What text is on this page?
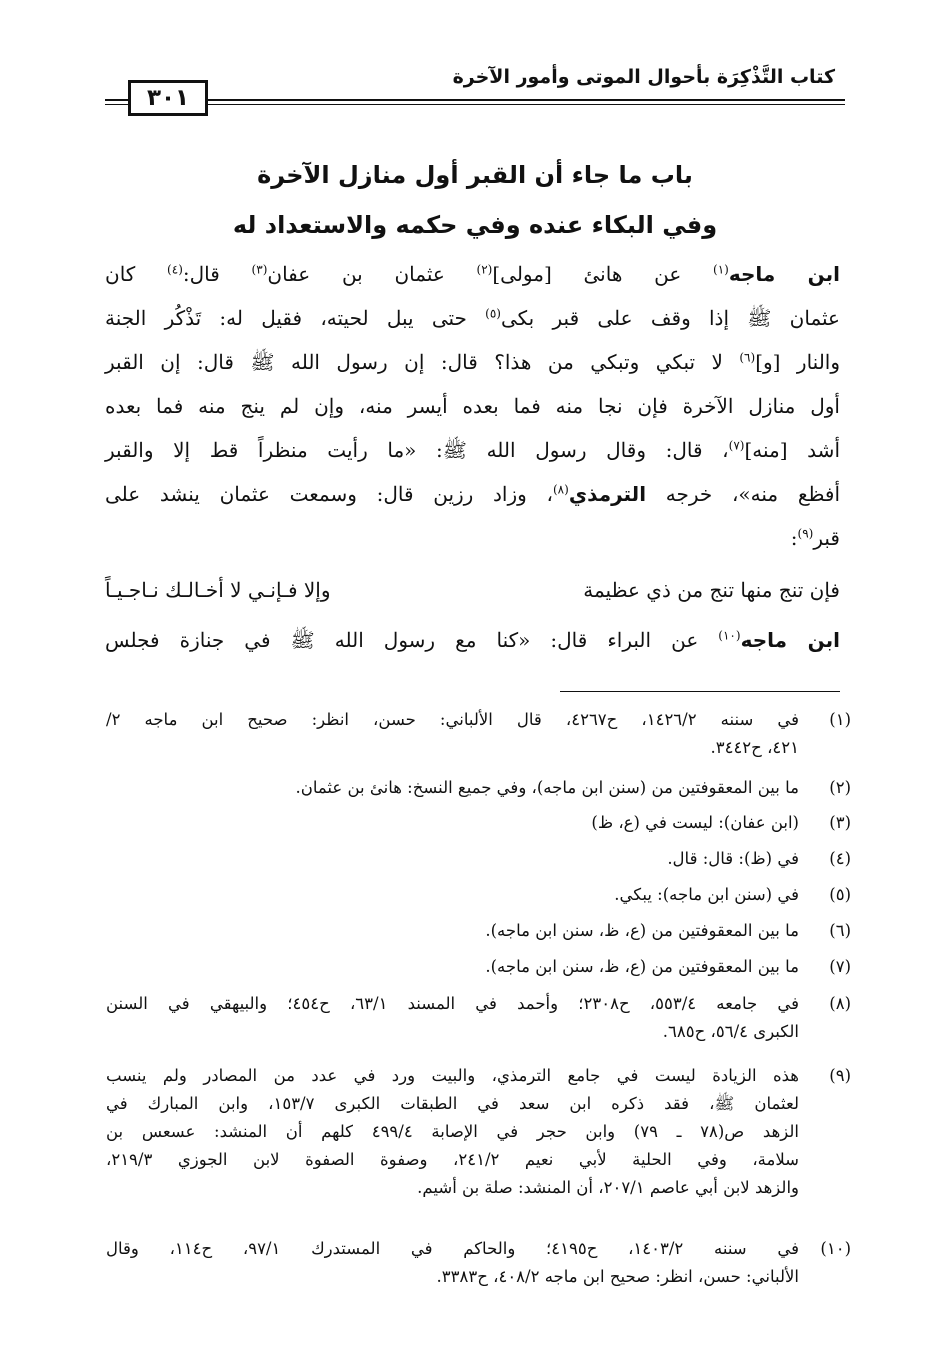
كتاب التَّذْكِرَة بأحوال الموتى وأمور الآخرة
٣٠١
باب ما جاء أن القبر أول منازل الآخرة
وفي البكاء عنده وفي حكمه والاستعداد له
ابن ماجه$^{(١)}$ عن هانئ [مولى]$^{(٢)}$ عثمان بن عفان$^{(٣)}$ قال:$^{(٤)}$ كان
عثمان ﷺ إذا وقف على قبر بكى$^{(٥)}$ حتى يبل لحيته، فقيل له: تَذْكُر الجنة
والنار [و]$^{(٦)}$ لا تبكي وتبكي من هذا؟ قال: إن رسول الله ﷺ قال: إن القبر
أول منازل الآخرة فإن نجا منه فما بعده أيسر منه، وإن لم ينج منه فما بعده
أشد [منه]$^{(٧)}$، قال: وقال رسول الله ﷺ: «ما رأيت منظراً قط إلا والقبر
أفظع منه»، خرجه الترمذي$^{(٨)}$، وزاد رزين قال: وسمعت عثمان ينشد على
قبر$^{(٩)}$:
فإن تنج منها تنج من ذي عظيمة
وإلا فـإنـي لا أخـالـك نـاجـيـاً
ابن ماجه$^{(١٠)}$ عن البراء قال: «كنا مع رسول الله ﷺ في جنازة فجلس
(١)
في سننه ١٤٢٦/٢، ح٤٢٦٧، قال الألباني: حسن، انظر: صحيح ابن ماجه ٢/
٤٢١، ح٣٤٤٢.
(٢)
ما بين المعقوفتين من (سنن ابن ماجه)، وفي جميع النسخ: هانئ بن عثمان.
(٣)
(ابن عفان): ليست في (ع، ظ)
(٤)
في (ظ): قال: قال.
(٥)
في (سنن ابن ماجه): يبكي.
(٦)
ما بين المعقوفتين من (ع، ظ، سنن ابن ماجه).
(٧)
ما بين المعقوفتين من (ع، ظ، سنن ابن ماجه).
(٨)
في جامعه ٥٥٣/٤، ح٢٣٠٨؛ وأحمد في المسند ٦٣/١، ح٤٥٤؛ والبيهقي في السنن
الكبرى ٥٦/٤، ح٦٨٥.
(٩)
هذه الزيادة ليست في جامع الترمذي، والبيت ورد في عدد من المصادر ولم ينسب
لعثمان ﷺ، فقد ذكره ابن سعد في الطبقات الكبرى ١٥٣/٧، وابن المبارك في
الزهد ص(٧٨ ـ ٧٩) وابن حجر في الإصابة ٤٩٩/٤ كلهم أن المنشد: عسعس بن
سلامة، وفي الحلية لأبي نعيم ٢٤١/٢، وصفوة الصفوة لابن الجوزي ٢١٩/٣،
والزهد لابن أبي عاصم ٢٠٧/١، أن المنشد: صلة بن أشيم.
(١٠)
في سننه ١٤٠٣/٢، ح٤١٩٥؛ والحاكم في المستدرك ٩٧/١، ح١١٤، وقال
الألباني: حسن، انظر: صحيح ابن ماجه ٤٠٨/٢، ح٣٣٨٣.
